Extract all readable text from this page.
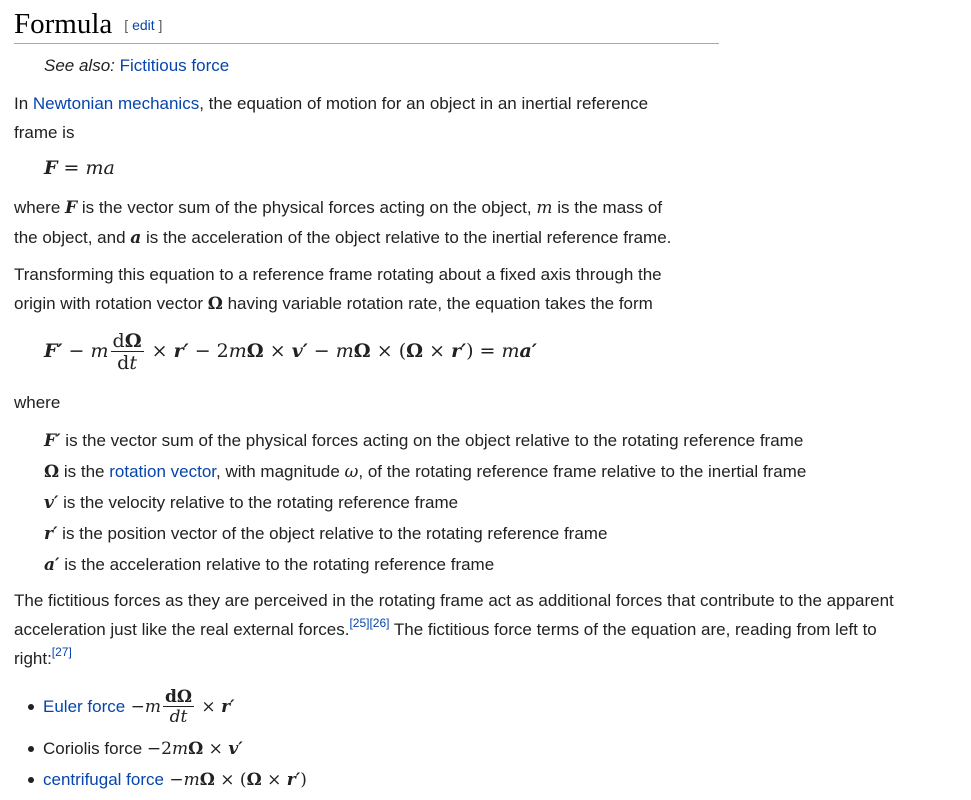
Formula [ edit ]
See also: Fictitious force
In Newtonian mechanics, the equation of motion for an object in an inertial reference
frame is
F = ma
where F is the vector sum of the physical forces acting on the object, m is the mass of
the object, and a is the acceleration of the object relative to the inertial reference frame.
Transforming this equation to a reference frame rotating about a fixed axis through the
origin with rotation vector Ω having variable rotation rate, the equation takes the form
F′ − m $\frac{d\Omega}{dt} \times r' - 2m\Omega \times v' - m\Omega \times (\Omega \times r') = ma'$
where
F′ is the vector sum of the physical forces acting on the object relative to the rotating reference frame
Ω is the rotation vector, with magnitude ω, of the rotating reference frame relative to the inertial frame
v′ is the velocity relative to the rotating reference frame
r′ is the position vector of the object relative to the rotating reference frame
a′ is the acceleration relative to the rotating reference frame
The fictitious forces as they are perceived in the rotating frame act as additional forces that contribute to the apparent
acceleration just like the real external forces.[25][26] The fictitious force terms of the equation are, reading from left to
right:[27]
Euler force $-m \frac{d\Omega}{dt} \times r'$
Coriolis force −2mΩ × v′
centrifugal force −mΩ × (Ω × r′)
